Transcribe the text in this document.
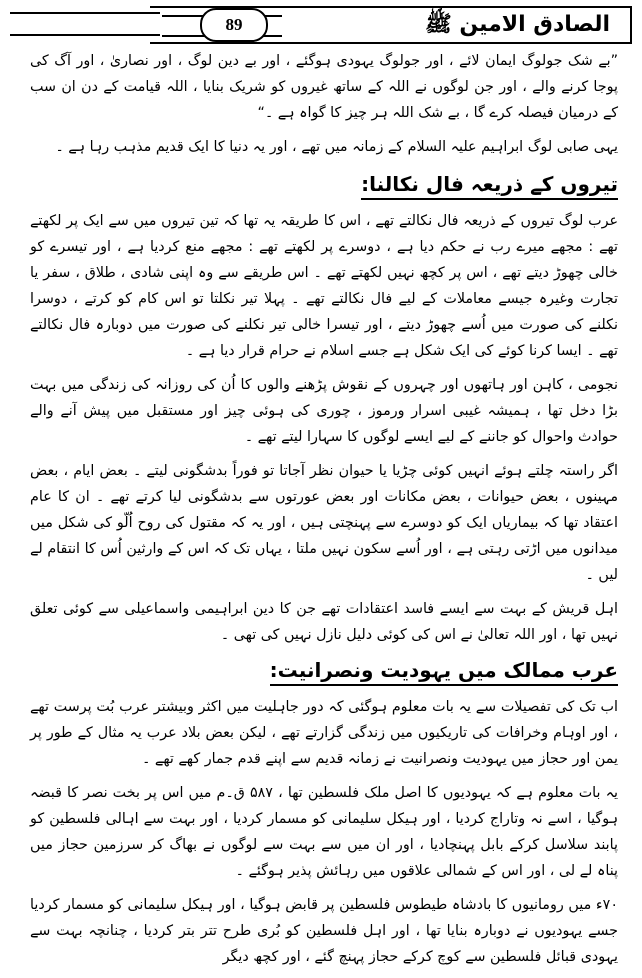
الصادق الامین ﷺ
89

”بے شک جولوگ ایمان لائے ، اور جولوگ یہودی ہوگئے ، اور بے دین لوگ ، اور نصاریٰ ، اور آگ کی پوجا کرنے والے ، اور جن لوگوں نے اللہ کے ساتھ غیروں کو شریک بنایا ، اللہ قیامت کے دن ان سب کے درمیان فیصلہ کرے گا ، بے شک اللہ ہر چیز کا گواہ ہے ۔“

یہی صابی لوگ ابراہیم علیہ السلام کے زمانہ میں تھے ، اور یہ دنیا کا ایک قدیم مذہب رہا ہے ۔

تیروں کے ذریعہ فال نکالنا:

عرب لوگ تیروں کے ذریعہ فال نکالتے تھے ، اس کا طریقہ یہ تھا کہ تین تیروں میں سے ایک پر لکھتے تھے : مجھے میرے رب نے حکم دیا ہے ، دوسرے پر لکھتے تھے : مجھے منع کردیا ہے ، اور تیسرے کو خالی چھوڑ دیتے تھے ، اس پر کچھ نہیں لکھتے تھے ۔ اس طریقے سے وہ اپنی شادی ، طلاق ، سفر یا تجارت وغیرہ جیسے معاملات کے لیے فال نکالتے تھے ۔ پہلا تیر نکلتا تو اس کام کو کرتے ، دوسرا نکلنے کی صورت میں اُسے چھوڑ دیتے ، اور تیسرا خالی تیر نکلنے کی صورت میں دوبارہ فال نکالتے تھے ۔ ایسا کرنا کوئے کی ایک شکل ہے جسے اسلام نے حرام قرار دیا ہے ۔

نجومی ، کاہن اور ہاتھوں اور چہروں کے نقوش پڑھنے والوں کا اُن کی روزانہ کی زندگی میں بہت بڑا دخل تھا ، ہمیشہ غیبی اسرار ورموز ، چوری کی ہوئی چیز اور مستقبل میں پیش آنے والے حوادث واحوال کو جاننے کے لیے ایسے لوگوں کا سہارا لیتے تھے ۔

اگر راستہ چلتے ہوئے انہیں کوئی چڑیا یا حیوان نظر آجاتا تو فوراً بدشگونی لیتے ۔ بعض ایام ، بعض مہینوں ، بعض حیوانات ، بعض مکانات اور بعض عورتوں سے بدشگونی لیا کرتے تھے ۔ ان کا عام اعتقاد تھا کہ بیماریاں ایک کو دوسرے سے پہنچتی ہیں ، اور یہ کہ مقتول کی روح اُلّو کی شکل میں میدانوں میں اڑتی رہتی ہے ، اور اُسے سکون نہیں ملتا ، یہاں تک کہ اس کے وارثین اُس کا انتقام لے لیں ۔

اہل قریش کے بہت سے ایسے فاسد اعتقادات تھے جن کا دین ابراہیمی واسماعیلی سے کوئی تعلق نہیں تھا ، اور اللہ تعالیٰ نے اس کی کوئی دلیل نازل نہیں کی تھی ۔

عرب ممالک میں یہودیت ونصرانیت:

اب تک کی تفصیلات سے یہ بات معلوم ہوگئی کہ دور جاہلیت میں اکثر وبیشتر عرب بُت پرست تھے ، اور اوہام وخرافات کی تاریکیوں میں زندگی گزارتے تھے ، لیکن بعض بلاد عرب یہ مثال کے طور پر یمن اور حجاز میں یہودیت ونصرانیت نے زمانہ قدیم سے اپنے قدم جمار کھے تھے ۔

یہ بات معلوم ہے کہ یہودیوں کا اصل ملک فلسطین تھا ، ۵۸۷ ق۔م میں اس پر بخت نصر کا قبضہ ہوگیا ، اسے نہ وتاراج کردیا ، اور ہیکل سلیمانی کو مسمار کردیا ، اور بہت سے اہالی فلسطین کو پابند سلاسل کرکے بابل پہنچادیا ، اور ان میں سے بہت سے لوگوں نے بھاگ کر سرزمین حجاز میں پناہ لے لی ، اور اس کے شمالی علاقوں میں رہائش پذیر ہوگئے ۔

۷۰ء میں رومانیوں کا بادشاہ طیطوس فلسطین پر قابض ہوگیا ، اور ہیکل سلیمانی کو مسمار کردیا جسے یہودیوں نے دوبارہ بنایا تھا ، اور اہل فلسطین کو بُری طرح تتر بتر کردیا ، چنانچہ بہت سے یہودی قبائل فلسطین سے کوچ کرکے حجاز پہنچ گئے ، اور کچھ دیگر
